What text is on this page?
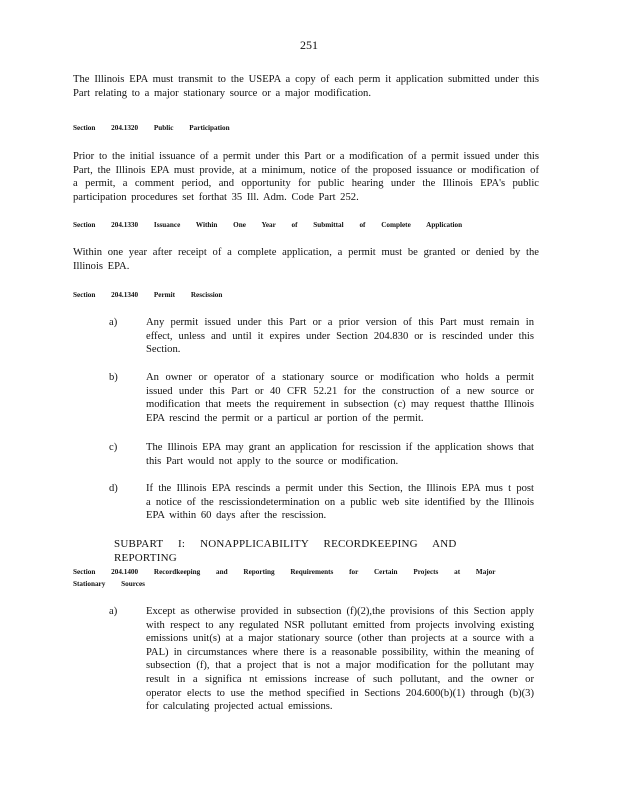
251

The Illinois EPA must transmit to the USEPA a copy of each perm it application submitted under this Part relating to a major stationary source or a major modification.

Section 204.1320 Public Participation

Prior to the initial issuance of a permit under this Part or a modification of a permit issued under this Part, the Illinois EPA must provide, at a minimum, notice of the proposed issuance or modification of a permit, a comment period, and opportunity for public hearing under the Illinois EPA's public participation procedures set forthat 35 Ill. Adm. Code Part 252.

Section 204.1330 Issuance Within One Year of Submittal of Complete Application

Within one year after receipt of a complete application, a permit must be granted or denied by the Illinois EPA.

Section 204.1340 Permit Rescission
a)	Any permit issued under this Part or a prior version of this Part must remain in effect, unless and until it expires under Section 204.830 or is rescinded under this Section.

b)	An owner or operator of a stationary source or modification who holds a permit issued under this Part or 40 CFR 52.21 for the construction of a new source or modification that meets the requirement in subsection (c) may request thatthe Illinois EPA rescind the permit or a particul ar portion of the permit.

c)	The Illinois EPA may grant an application for rescission if the application shows that this Part would not apply to the source or modification.

d)	If the Illinois EPA rescinds a permit under this Section, the Illinois EPA mus t post a notice of the rescissiondetermination on a public web site identified by the Illinois EPA within 60 days after the rescission.

SUBPART I: NONAPPLICABILITY RECORDKEEPING AND REPORTING
Section 204.1400 Recordkeeping and Reporting Requirements for Certain Projects at Major Stationary Sources
a)	Except as otherwise provided in subsection (f)(2),the provisions of this Section apply with respect to any regulated NSR pollutant emitted from projects involving existing emissions unit(s) at a major stationary source (other than projects at a source with a PAL) in circumstances where there is a reasonable possibility, within the meaning of subsection (f), that a project that is not a major modification for the pollutant may result in a significa nt emissions increase of such pollutant, and the owner or operator elects to use the method specified in Sections 204.600(b)(1) through (b)(3) for calculating projected actual emissions.
